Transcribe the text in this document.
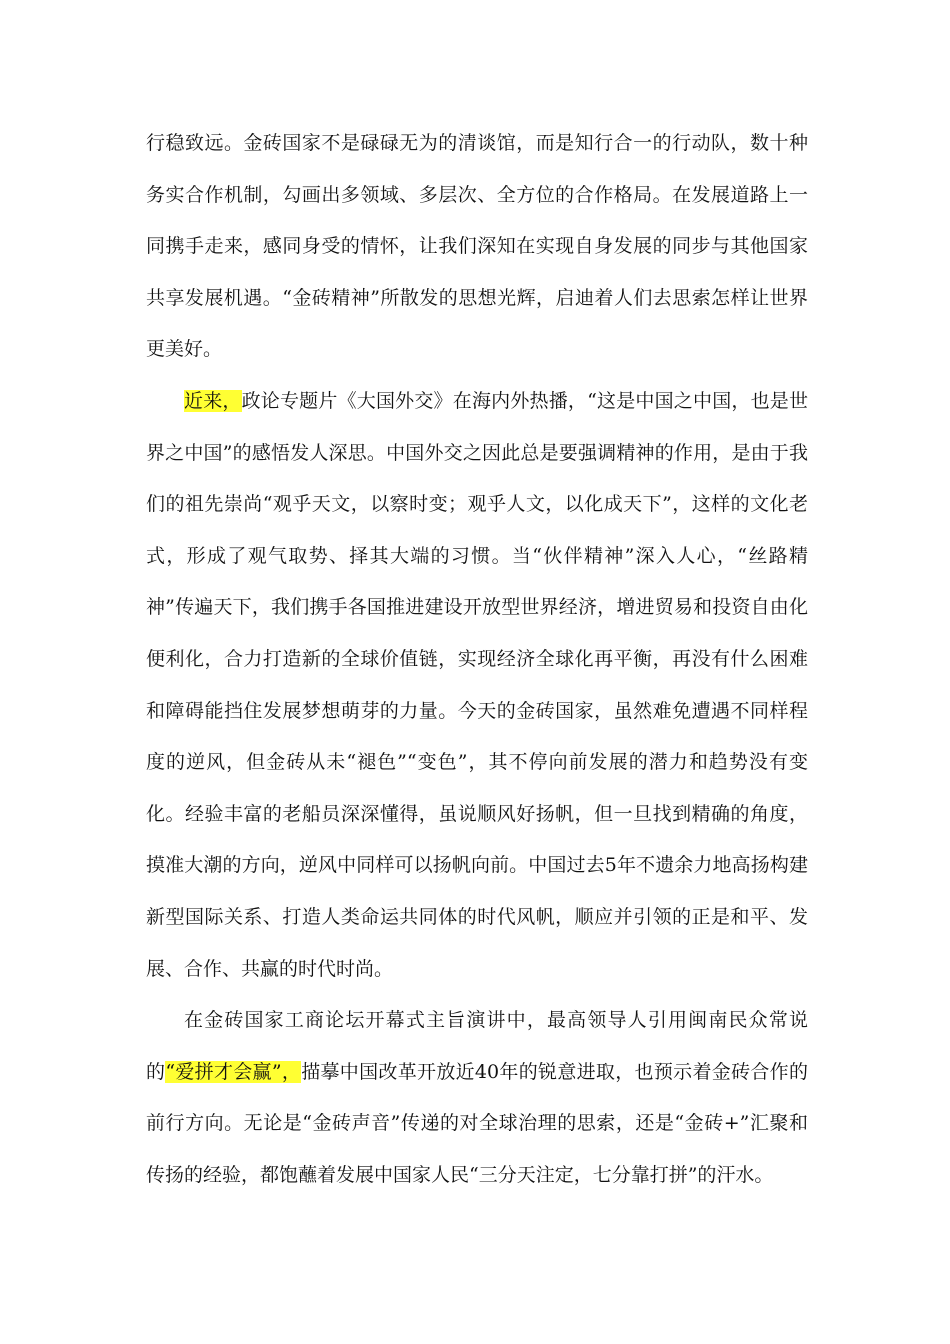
行稳致远。金砖国家不是碌碌无为的清谈馆，而是知行合一的行动队，数十种务实合作机制，勾画出多领域、多层次、全方位的合作格局。在发展道路上一同携手走来，感同身受的情怀，让我们深知在实现自身发展的同步与其他国家共享发展机遇。“金砖精神”所散发的思想光辉，启迪着人们去思索怎样让世界更美好。

近来，政论专题片《大国外交》在海内外热播，“这是中国之中国，也是世界之中国”的感悟发人深思。中国外交之因此总是要强调精神的作用，是由于我们的祖先崇尚“观乎天文，以察时变；观乎人文，以化成天下”，这样的文化老式，形成了观气取势、择其大端的习惯。当“伙伴精神”深入人心，“丝路精神”传遍天下，我们携手各国推进建设开放型世界经济，增进贸易和投资自由化便利化，合力打造新的全球价值链，实现经济全球化再平衡，再没有什么困难和障碍能挡住发展梦想萌芽的力量。今天的金砖国家，虽然难免遭遇不同样程度的逆风，但金砖从未“褪色”“变色”，其不停向前发展的潜力和趋势没有变化。经验丰富的老船员深深懂得，虽说顺风好扬帆，但一旦找到精确的角度，摸准大潮的方向，逆风中同样可以扬帆向前。中国过去5年不遗余力地高扬构建新型国际关系、打造人类命运共同体的时代风帆，顺应并引领的正是和平、发展、合作、共赢的时代时尚。

在金砖国家工商论坛开幕式主旨演讲中，最高领导人引用闽南民众常说的“爱拼才会赢”，描摹中国改革开放近40年的锐意进取，也预示着金砖合作的前行方向。无论是“金砖声音”传递的对全球治理的思索，还是“金砖+”汇聚和传扬的经验，都饱蘸着发展中国家人民“三分天注定，七分靠打拼”的汗水。
